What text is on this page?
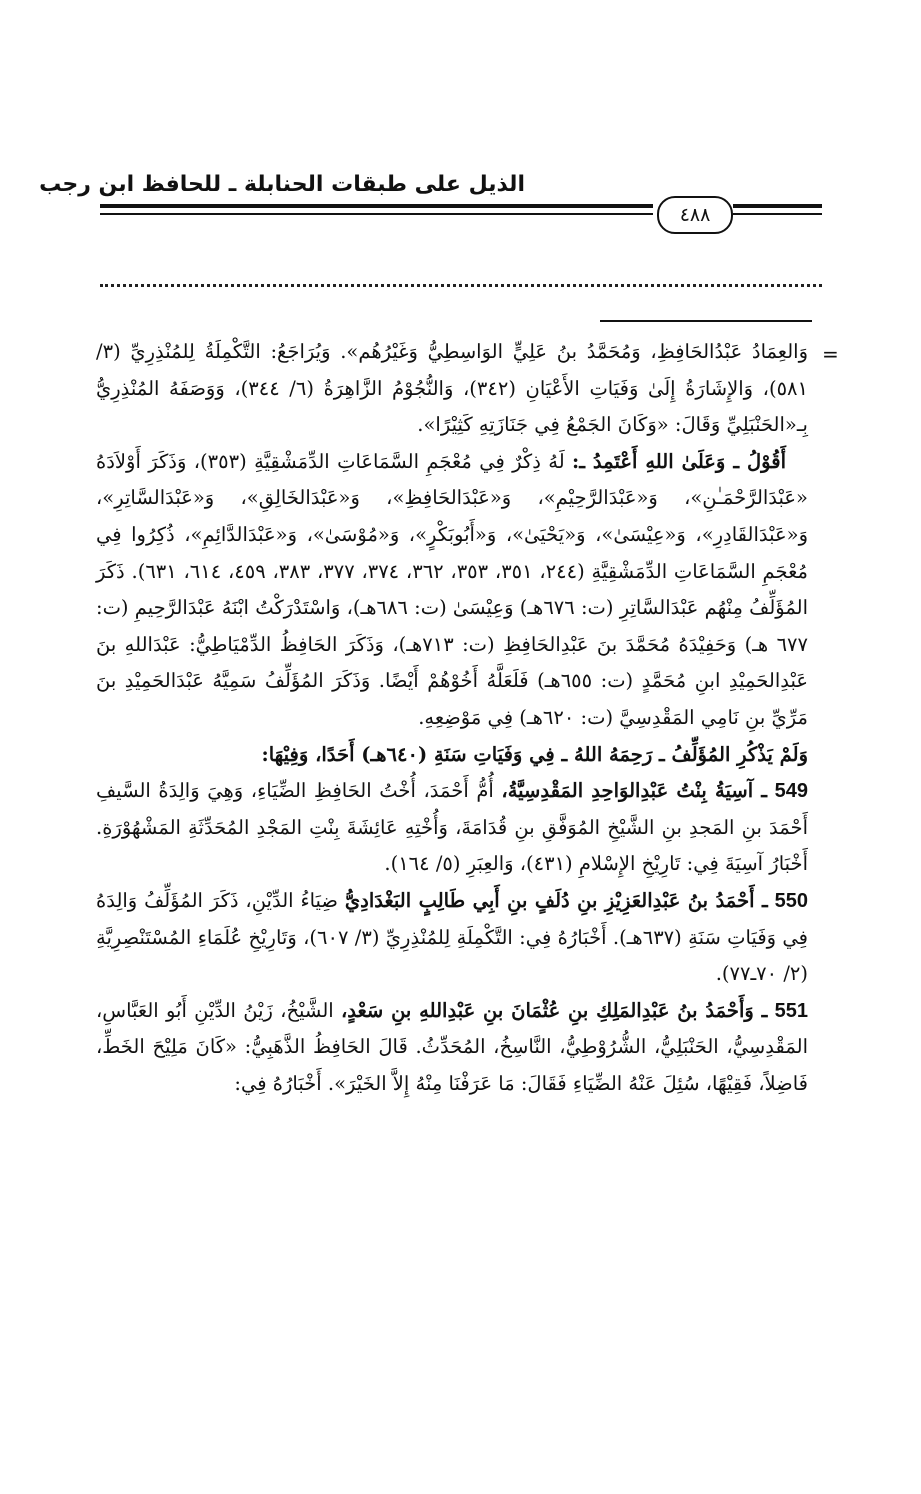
الذيل على طبقات الحنابلة ـ للحافظ ابن رجب
٤٨٨
=

وَالعِمَادُ عَبْدُالحَافِظِ، وَمُحَمَّدُ بنُ عَلِيٍّ الوَاسِطِيُّ وَغَيْرُهُم». وَيُرَاجَعُ: التَّكْمِلَةُ لِلمُنْذِرِيِّ (٣/ ٥٨١)، وَالإِشَارَةُ إِلَىٰ وَفَيَاتِ الأَعْيَانِ (٣٤٢)، وَالنُّجُوْمُ الزَّاهِرَةُ (٦/ ٣٤٤)، وَوَصَفَهُ المُنْذِرِيُّ بِـ«الحَنْبَلِيِّ وَقَالَ: «وَكَانَ الجَمْعُ فِي جَنَازَتِهِ كَثِيْرًا».

أَقُوْلُ ـ وَعَلَىٰ اللهِ أَعْتَمِدُ ـ: لَهُ ذِكْرٌ فِي مُعْجَمِ السَّمَاعَاتِ الدِّمَشْقِيَّةِ (٣٥٣)، وَذَكَرَ أَوْلاَدَهُ «عَبْدَالرَّحْمَـٰنِ»، وَ«عَبْدَالرَّحِيْمِ»، وَ«عَبْدَالحَافِظِ»، وَ«عَبْدَالخَالِقِ»، وَ«عَبْدَالسَّاتِرِ»، وَ«عَبْدَالقَادِرِ»، وَ«عِيْسَىٰ»، وَ«يَحْيَىٰ»، وَ«أَبُوبَكْرٍ»، وَ«مُوْسَىٰ»، وَ«عَبْدَالدَّائِمِ»، ذُكِرُوا فِي مُعْجَمِ السَّمَاعَاتِ الدِّمَشْقِيَّةِ (٢٤٤، ٣٥١، ٣٥٣، ٣٦٢، ٣٧٤، ٣٧٧، ٣٨٣، ٤٥٩، ٦١٤، ٦٣١). ذَكَرَ المُؤَلِّفُ مِنْهُم عَبْدَالسَّاتِرِ (ت: ٦٧٦هـ) وَعِيْسَىٰ (ت: ٦٨٦هـ)، وَاسْتَدْرَكْتُ ابْنَهُ عَبْدَالرَّحِيمِ (ت: ٦٧٧ هـ) وَحَفِيْدَهُ مُحَمَّدَ بنَ عَبْدِالحَافِظِ (ت: ٧١٣هـ)، وَذَكَرَ الحَافِظُ الدِّمْيَاطِيُّ: عَبْدَاللهِ بنَ عَبْدِالحَمِيْدِ ابنِ مُحَمَّدٍ (ت: ٦٥٥هـ) فَلَعَلَّهُ أَخُوْهُمْ أَيْضًا. وَذَكَرَ المُؤَلِّفُ سَمِيَّهُ عَبْدَالحَمِيْدِ بنَ مَرِّيِّ بنِ نَامِي المَقْدِسِيَّ (ت: ٦٢٠هـ) فِي مَوْضِعِهِ.

وَلَمْ يَذْكُرِ المُؤَلِّفُ ـ رَحِمَهُ اللهُ ـ فِي وَفَيَاتِ سَنَةِ (٦٤٠هـ) أَحَدًا، وَفِيْهَا:

549 ـ آسِيَةُ بِنْتُ عَبْدِالوَاحِدِ المَقْدِسِيَّةُ، أُمُّ أَحْمَدَ، أُخْتُ الحَافِظِ الضِّيَاءِ، وَهِيَ وَالِدَةُ السَّيفِ أَحْمَدَ بنِ المَجدِ بنِ الشَّيْخِ المُوَفَّقِ بنِ قُدَامَةَ، وَأُخْتِهِ عَائِشَةَ بِنْتِ المَجْدِ المُحَدِّثَةِ المَشْهُوْرَةِ. أَخْبَارُ آسِيَةَ فِي: تَارِيْخِ الإِسْلامِ (٤٣١)، وَالعِبَرِ (٥/ ١٦٤).

550 ـ أَحْمَدُ بنُ عَبْدِالعَزِيْزِ بنِ دُلَفٍ بنِ أَبِي طَالِبٍ البَغْدَادِيُّ ضِيَاءُ الدِّيْنِ، ذَكَرَ المُؤَلِّفُ وَالِدَهُ فِي وَفَيَاتِ سَنَةِ (٦٣٧هـ). أَخْبَارُهُ فِي: التَّكْمِلَةِ لِلمُنْذِرِيِّ (٣/ ٦٠٧)، وَتَارِيْخِ عُلَمَاءِ المُسْتَنْصِرِيَّةِ (٢/ ٧٠ـ٧٧).

551 ـ وَأَحْمَدُ بنُ عَبْدِالمَلِكِ بنِ عُثْمَانَ بنِ عَبْدِاللهِ بنِ سَعْدٍ، الشَّيْخُ، زَيْنُ الدِّيْنِ أَبُو العَبَّاسِ، المَقْدِسِيُّ، الحَنْبَلِيُّ، الشُّرُوْطِيُّ، النَّاسِخُ، المُحَدِّثُ. قَالَ الحَافِظُ الذَّهَبِيُّ: «كَانَ مَلِيْحَ الخَطِّ، فَاضِلاً، فَقِيْهًا، سُئِلَ عَنْهُ الضِّيَاءِ فَقَالَ: مَا عَرَفْنَا مِنْهُ إِلاَّ الخَيْرَ». أَخْبَارُهُ فِي:
